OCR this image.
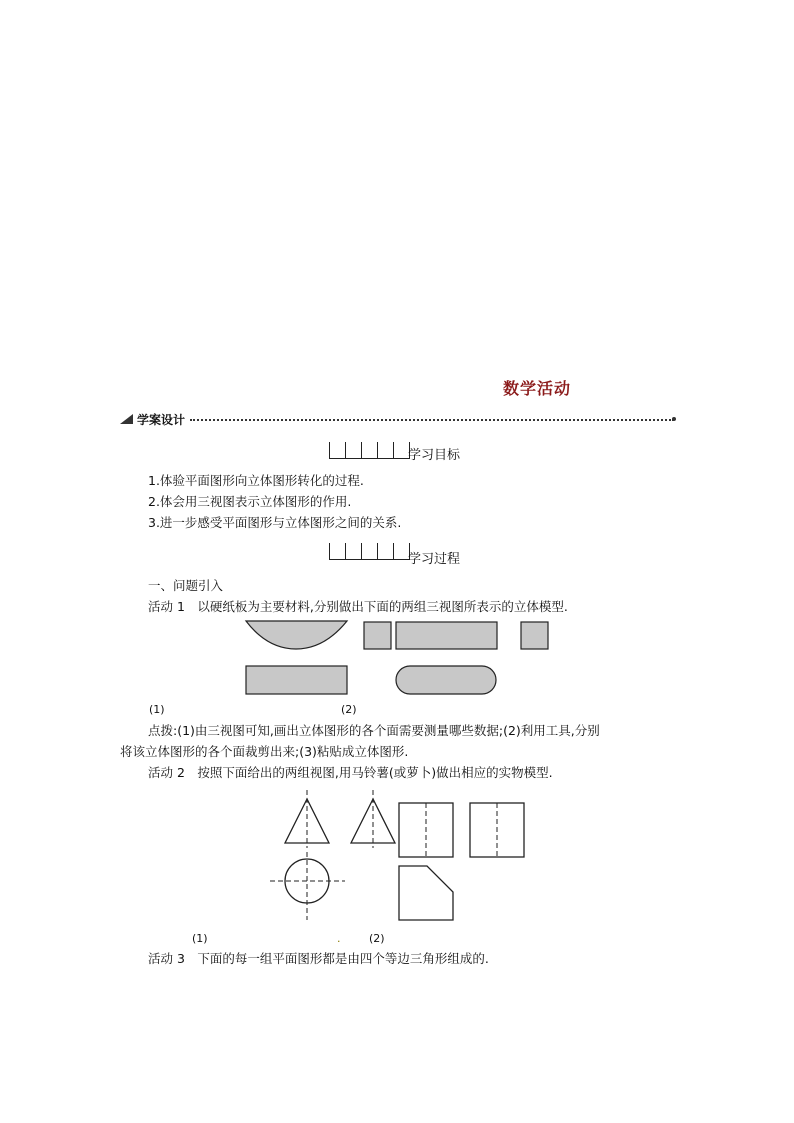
数学活动
学案设计
学习目标
1.体验平面图形向立体图形转化的过程.
2.体会用三视图表示立体图形的作用.
3.进一步感受平面图形与立体图形之间的关系.
学习过程
一、问题引入
活动 1　以硬纸板为主要材料,分别做出下面的两组三视图所表示的立体模型.
(1)	(2)
点拨:(1)由三视图可知,画出立体图形的各个面需要测量哪些数据;(2)利用工具,分别
将该立体图形的各个面裁剪出来;(3)粘贴成立体图形.
活动 2　按照下面给出的两组视图,用马铃薯(或萝卜)做出相应的实物模型.
(1)	.	(2)
活动 3　下面的每一组平面图形都是由四个等边三角形组成的.
